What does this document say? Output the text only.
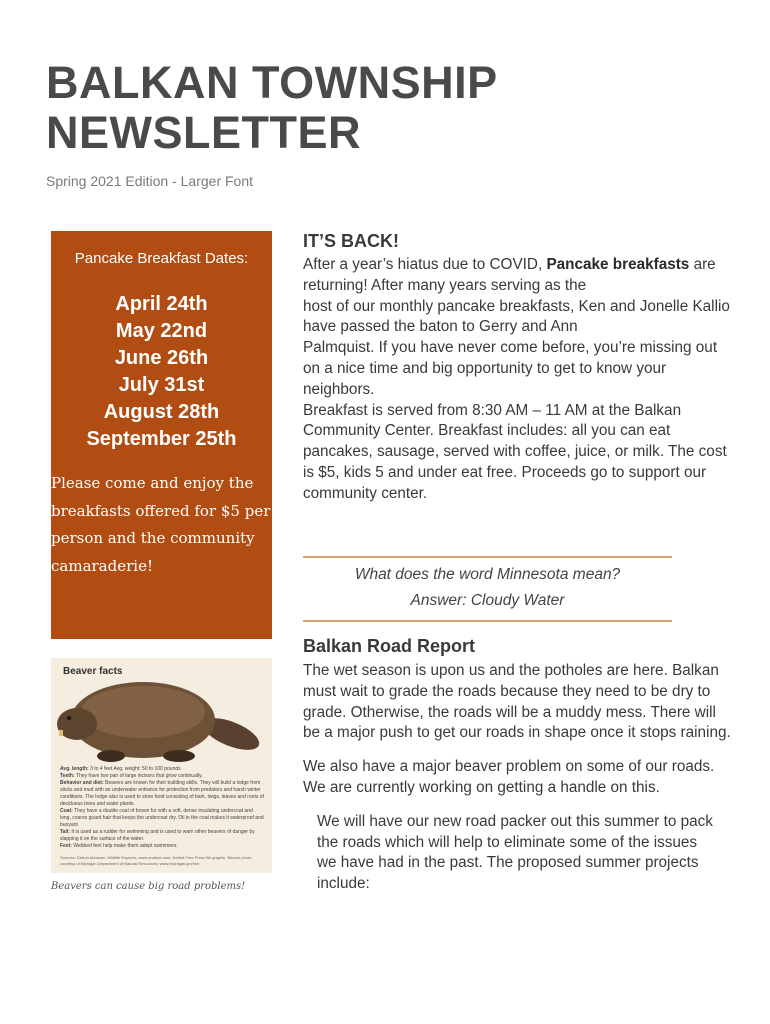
BALKAN TOWNSHIP NEWSLETTER
Spring 2021 Edition - Larger Font
Pancake Breakfast Dates:
April 24th
May 22nd
June 26th
July 31st
August 28th
September 25th
Please come and enjoy the breakfasts offered for $5 per person and the community camaraderie!
Beaver facts
Avg. length: 3 to 4 feet Avg. weight: 50 to 100 pounds
Teeth: They have two pair of large incisors that grow continually.
Behavior and diet: Beavers are known for their building skills. They will build a lodge from sticks and mud with an underwater entrance for protection from predators and harsh winter conditions. The lodge also is used to store food consisting of bark, twigs, leaves and roots of deciduous trees and water plants.
Coat: They have a double coat of brown fur with a soft, dense insulating undercoat and long, coarse guard hair that keeps the undercoat dry. Oil in the coat makes it waterproof and buoyant.
Tail: It is used as a rudder for swimming and is used to warn other beavers of danger by slapping it on the surface of the water.
Feet: Webbed feet help make them adept swimmers.
Sources: Detroit Almanac; Wildlife Explorer; www.enature.com; Detroit Free Press file graphic. Beaver photo courtesy of Michigan Department of Natural Resources; www.michigan.gov/dnr
Beavers can cause big road problems!
IT’S BACK!
After a year’s hiatus due to COVID, Pancake breakfasts are returning! After many years serving as the
host of our monthly pancake breakfasts, Ken and Jonelle Kallio have passed the baton to Gerry and Ann
Palmquist. If you have never come before, you’re missing out on a nice time and big opportunity to get to know your neighbors.
Breakfast is served from 8:30 AM – 11 AM at the Balkan Community Center. Breakfast includes: all you can eat pancakes, sausage, served with coffee, juice, or milk. The cost is $5, kids 5 and under eat free. Proceeds go to support our community center.
What does the word Minnesota mean?
Answer: Cloudy Water
Balkan Road Report
The wet season is upon us and the potholes are here. Balkan must wait to grade the roads because they need to be dry to grade. Otherwise, the roads will be a muddy mess. There will be a major push to get our roads in shape once it stops raining.
We also have a major beaver problem on some of our roads. We are currently working on getting a handle on this.
We will have our new road packer out this summer to pack the roads which will help to eliminate some of the issues we have had in the past. The proposed summer projects include:
